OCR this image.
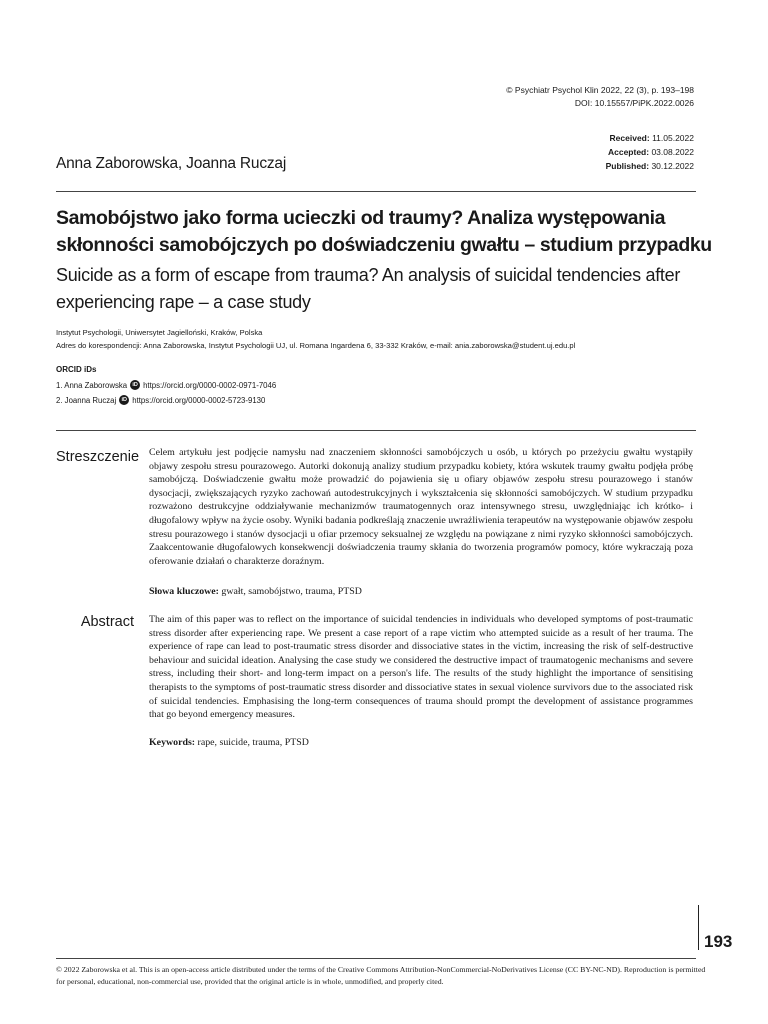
© Psychiatr Psychol Klin 2022, 22 (3), p. 193–198
DOI: 10.15557/PiPK.2022.0026
Received: 11.05.2022
Accepted: 03.08.2022
Published: 30.12.2022
Anna Zaborowska, Joanna Ruczaj
Samobójstwo jako forma ucieczki od traumy? Analiza występowania skłonności samobójczych po doświadczeniu gwałtu – studium przypadku
Suicide as a form of escape from trauma? An analysis of suicidal tendencies after experiencing rape – a case study
Instytut Psychologii, Uniwersytet Jagielloński, Kraków, Polska
Adres do korespondencji: Anna Zaborowska, Instytut Psychologii UJ, ul. Romana Ingardena 6, 33-332 Kraków, e-mail: ania.zaborowska@student.uj.edu.pl
ORCID iDs
1. Anna Zaborowska iD https://orcid.org/0000-0002-0971-7046
2. Joanna Ruczaj iD https://orcid.org/0000-0002-5723-9130
Streszczenie Celem artykułu jest podjęcie namysłu nad znaczeniem skłonności samobójczych u osób, u których po przeżyciu gwałtu wystąpiły objawy zespołu stresu pourazowego. Autorki dokonują analizy studium przypadku kobiety, która wskutek traumy gwałtu podjęła próbę samobójczą. Doświadczenie gwałtu może prowadzić do pojawienia się u ofiary objawów zespołu stresu pourazowego i stanów dysocjacji, zwiększających ryzyko zachowań autodestrukcyjnych i wykształcenia się skłonności samobójczych. W studium przypadku rozważono destrukcyjne oddziaływanie mechanizmów traumatogennych oraz intensywnego stresu, uwzględniając ich krótko- i długofalowy wpływ na życie osoby. Wyniki badania podkreślają znaczenie uwrażliwienia terapeutów na występowanie objawów zespołu stresu pourazowego i stanów dysocjacji u ofiar przemocy seksualnej ze względu na powiązane z nimi ryzyko skłonności samobójczych. Zaakcentowanie długofalowych konsekwencji doświadczenia traumy skłania do tworzenia programów pomocy, które wykraczają poza oferowanie działań o charakterze doraźnym.
Słowa kluczowe: gwałt, samobójstwo, trauma, PTSD
Abstract The aim of this paper was to reflect on the importance of suicidal tendencies in individuals who developed symptoms of post-traumatic stress disorder after experiencing rape. We present a case report of a rape victim who attempted suicide as a result of her trauma. The experience of rape can lead to post-traumatic stress disorder and dissociative states in the victim, increasing the risk of self-destructive behaviour and suicidal ideation. Analysing the case study we considered the destructive impact of traumatogenic mechanisms and severe stress, including their short- and long-term impact on a person's life. The results of the study highlight the importance of sensitising therapists to the symptoms of post-traumatic stress disorder and dissociative states in sexual violence survivors due to the associated risk of suicidal tendencies. Emphasising the long-term consequences of trauma should prompt the development of assistance programmes that go beyond emergency measures.
Keywords: rape, suicide, trauma, PTSD
193
© 2022 Zaborowska et al. This is an open-access article distributed under the terms of the Creative Commons Attribution-NonCommercial-NoDerivatives License (CC BY-NC-ND). Reproduction is permitted for personal, educational, non-commercial use, provided that the original article is in whole, unmodified, and properly cited.
